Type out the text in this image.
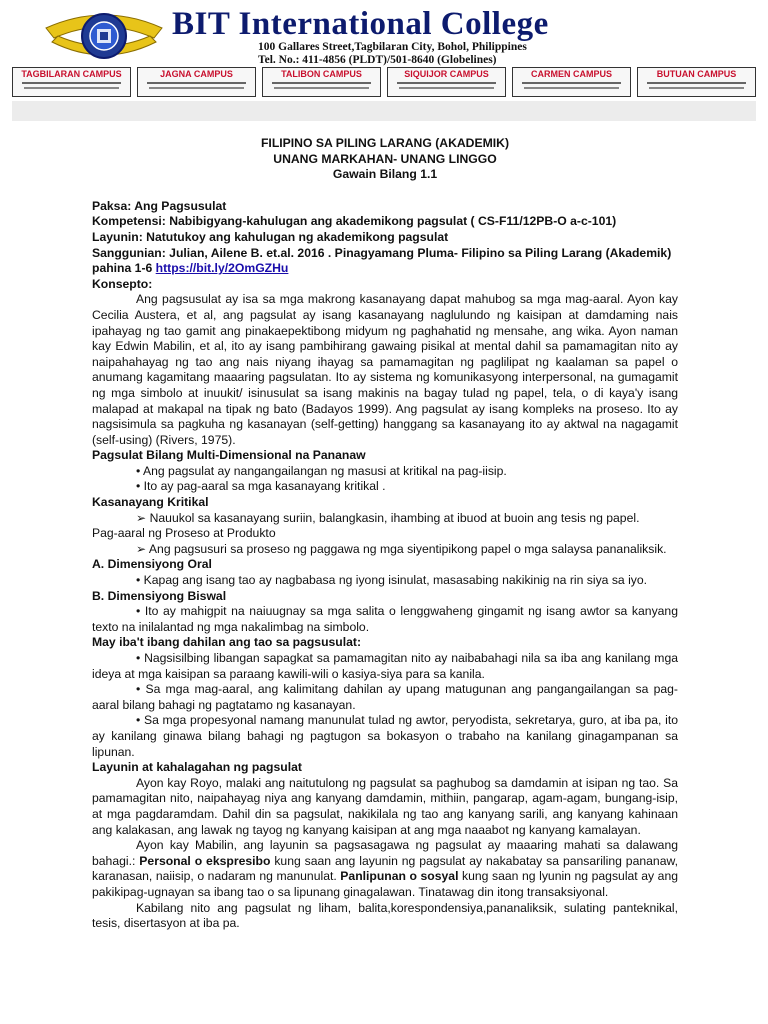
BIT International College
100 Gallares Street,Tagbilaran City, Bohol, Philippines
Tel. No.: 411-4856 (PLDT)/501-8640 (Globelines)
TAGBILARAN CAMPUS	JAGNA CAMPUS	TALIBON CAMPUS	SIQUIJOR CAMPUS	CARMEN CAMPUS	BUTUAN CAMPUS
FILIPINO SA PILING LARANG (AKADEMIK)
UNANG MARKAHAN- UNANG LINGGO
Gawain Bilang 1.1
Paksa: Ang Pagsusulat
Kompetensi: Nabibigyang-kahulugan ang akademikong pagsulat ( CS-F11/12PB-O a-c-101)
Layunin: Natutukoy ang kahulugan ng akademikong pagsulat
Sanggunian: Julian, Ailene B. et.al. 2016 . Pinagyamang Pluma- Filipino sa Piling Larang (Akademik)
pahina 1-6 https://bit.ly/2OmGZHu
Konsepto:
Ang pagsusulat ay isa sa mga makrong kasanayang dapat mahubog sa mga mag-aaral. Ayon kay Cecilia Austera, et al, ang pagsulat ay isang kasanayang naglulundo ng kaisipan at damdaming nais ipahayag ng tao gamit ang pinakaepektibong midyum ng paghahatid ng mensahe, ang wika. Ayon naman kay Edwin Mabilin, et al, ito ay isang pambihirang gawaing pisikal at mental dahil sa pamamagitan nito ay naipahahayag ng tao ang nais niyang ihayag sa pamamagitan ng paglilipat ng kaalaman sa papel o anumang kagamitang maaaring pagsulatan. Ito ay sistema ng komunikasyong interpersonal, na gumagamit ng mga simbolo at inuukit/ isinusulat sa isang makinis na bagay tulad ng papel, tela, o di kaya'y isang malapad at makapal na tipak ng bato (Badayos 1999). Ang pagsulat ay isang kompleks na proseso. Ito ay nagsisimula sa pagkuha ng kasanayan (self-getting) hanggang sa kasanayang ito ay aktwal na nagagamit (self-using) (Rivers, 1975).
Pagsulat Bilang Multi-Dimensional na Pananaw
• Ang pagsulat ay nangangailangan ng masusi at kritikal na pag-iisip.
• Ito ay pag-aaral sa mga kasanayang kritikal .
Kasanayang Kritikal
➢ Nauukol sa kasanayang suriin, balangkasin, ihambing at ibuod at buoin ang tesis ng papel.
Pag-aaral ng Proseso at Produkto
➢ Ang pagsusuri sa proseso ng paggawa ng mga siyentipikong papel o mga salaysa pananaliksik.
A. Dimensiyong Oral
• Kapag ang isang tao ay nagbabasa ng iyong isinulat, masasabing nakikinig na rin siya sa iyo.
B. Dimensiyong Biswal
• Ito ay mahigpit na naiuugnay sa mga salita o lenggwaheng gingamit ng isang awtor sa kanyang texto na inilalantad ng mga nakalimbag na simbolo.
May iba't ibang dahilan ang tao sa pagsusulat:
• Nagsisilbing libangan sapagkat sa pamamagitan nito ay naibabahagi nila sa iba ang kanilang mga ideya at mga kaisipan sa paraang kawili-wili o kasiya-siya para sa kanila.
• Sa mga mag-aaral, ang kalimitang dahilan ay upang matugunan ang pangangailangan sa pag-aaral bilang bahagi ng pagtatamo ng kasanayan.
• Sa mga propesyonal namang manunulat tulad ng awtor, peryodista, sekretarya, guro, at iba pa, ito ay kanilang ginawa bilang bahagi ng pagtugon sa bokasyon o trabaho na kanilang ginagampanan sa lipunan.
Layunin at kahalagahan ng pagsulat
Ayon kay Royo, malaki ang naitutulong ng pagsulat sa paghubog sa damdamin at isipan ng tao. Sa pamamagitan nito, naipahayag niya ang kanyang damdamin, mithiin, pangarap, agam-agam, bungang-isip, at mga pagdaramdam. Dahil din sa pagsulat, nakikilala ng tao ang kanyang sarili, ang kanyang kahinaan ang kalakasan, ang lawak ng tayog ng kanyang kaisipan at ang mga naaabot ng kanyang kamalayan.
Ayon kay Mabilin, ang layunin sa pagsasagawa ng pagsulat ay maaaring mahati sa dalawang bahagi.: Personal o ekspresibo kung saan ang layunin ng pagsulat ay nakabatay sa pansariling pananaw, karanasan, naiisip, o nadaram ng manunulat. Panlipunan o sosyal kung saan ng lyunin ng pagsulat ay ang pakikipag-ugnayan sa ibang tao o sa lipunang ginagalawan. Tinatawag din itong transaksiyonal.
Kabilang nito ang pagsulat ng liham, balita,korespondensiya,pananaliksik, sulating panteknikal, tesis, disertasyon at iba pa.
